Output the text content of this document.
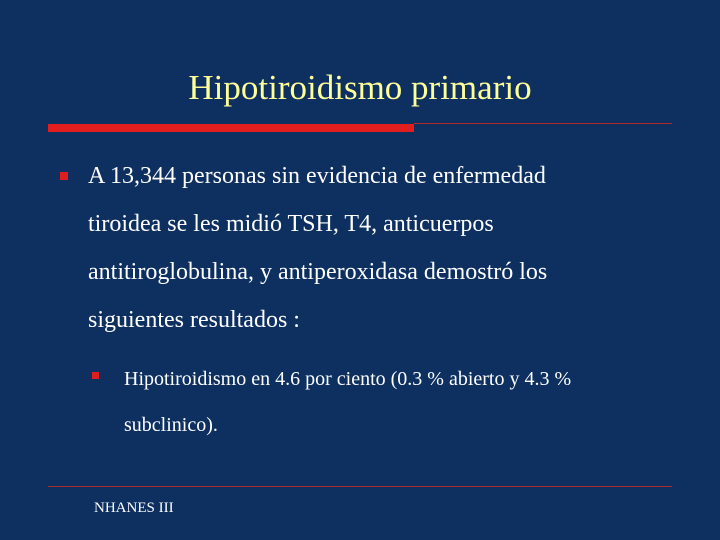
Hipotiroidismo primario
A 13,344 personas sin evidencia de enfermedad
tiroidea se les midió TSH, T4, anticuerpos
antitiroglobulina, y antiperoxidasa demostró los
siguientes resultados :
Hipotiroidismo en 4.6 por ciento (0.3 % abierto y 4.3 %
subclinico).
NHANES III
